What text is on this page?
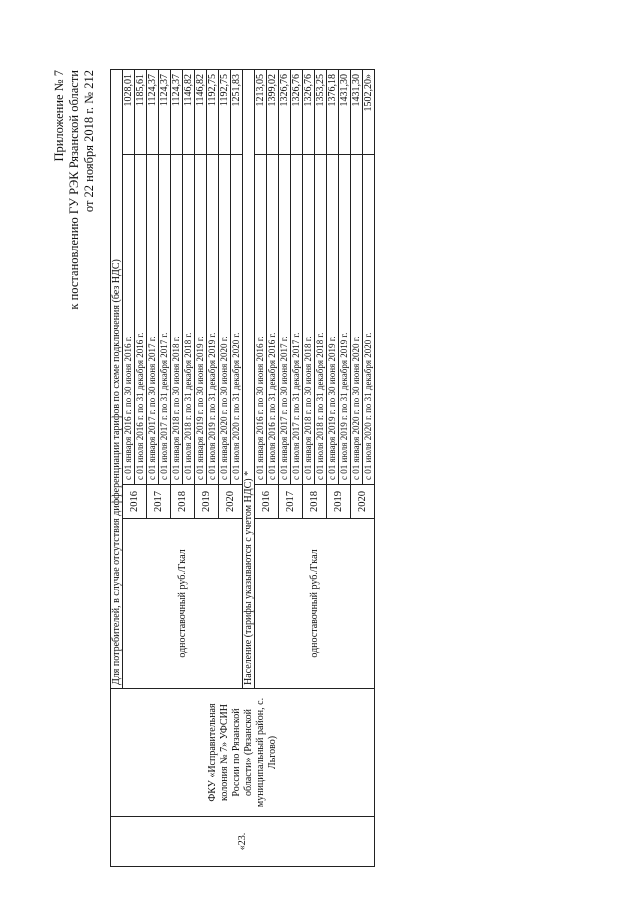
Приложение № 7 к постановлению ГУ РЭК Рязанской области от 22 ноября 2018 г. № 212
«23.	ФКУ «Исправительная колония № 7» УФСИН России по Рязанской области» (Рязанской муниципальный район, с. Льгово)	Для потребителей, в случае отсутствия дифференциации тарифов по схеме подключения (без НДС)			
		одноставочный руб./Гкал	2016	с 01 января 2016 г. по 30 июня 2016 г.	1028,01
				с 01 июля 2016 г. по 31 декабря 2016 г.	1185,61
			2017	с 01 января 2017 г. по 30 июня 2017 г.	1124,37
				с 01 июля 2017 г. по 31 декабря 2017 г.	1124,37
			2018	с 01 января 2018 г. по 30 июня 2018 г.	1124,37
				с 01 июля 2018 г. по 31 декабря 2018 г.	1146,82
			2019	с 01 января 2019 г. по 30 июня 2019 г.	1146,82
				с 01 июля 2019 г. по 31 декабря 2019 г.	1192,75
			2020	с 01 января 2020 г. по 30 июня 2020 г.	1192,75
				с 01 июля 2020 г. по 31 декабря 2020 г.	1251,83
		Население (тарифы указываются с учетом НДС) *			
		одноставочный руб./Гкал	2016	с 01 января 2016 г. по 30 июня 2016 г.	1213,05
				с 01 июля 2016 г. по 31 декабря 2016 г.	1399,02
			2017	с 01 января 2017 г. по 30 июня 2017 г.	1326,76
				с 01 июля 2017 г. по 31 декабря 2017 г.	1326,76
			2018	с 01 января 2018 г. по 30 июня 2018 г.	1326,76
				с 01 июля 2018 г. по 31 декабря 2018 г.	1353,25
			2019	с 01 января 2019 г. по 30 июня 2019 г.	1376,18
				с 01 июля 2019 г. по 31 декабря 2019 г.	1431,30
			2020	с 01 января 2020 г. по 30 июня 2020 г.	1431,30
				с 01 июля 2020 г. по 31 декабря 2020 г.	1502,20»
